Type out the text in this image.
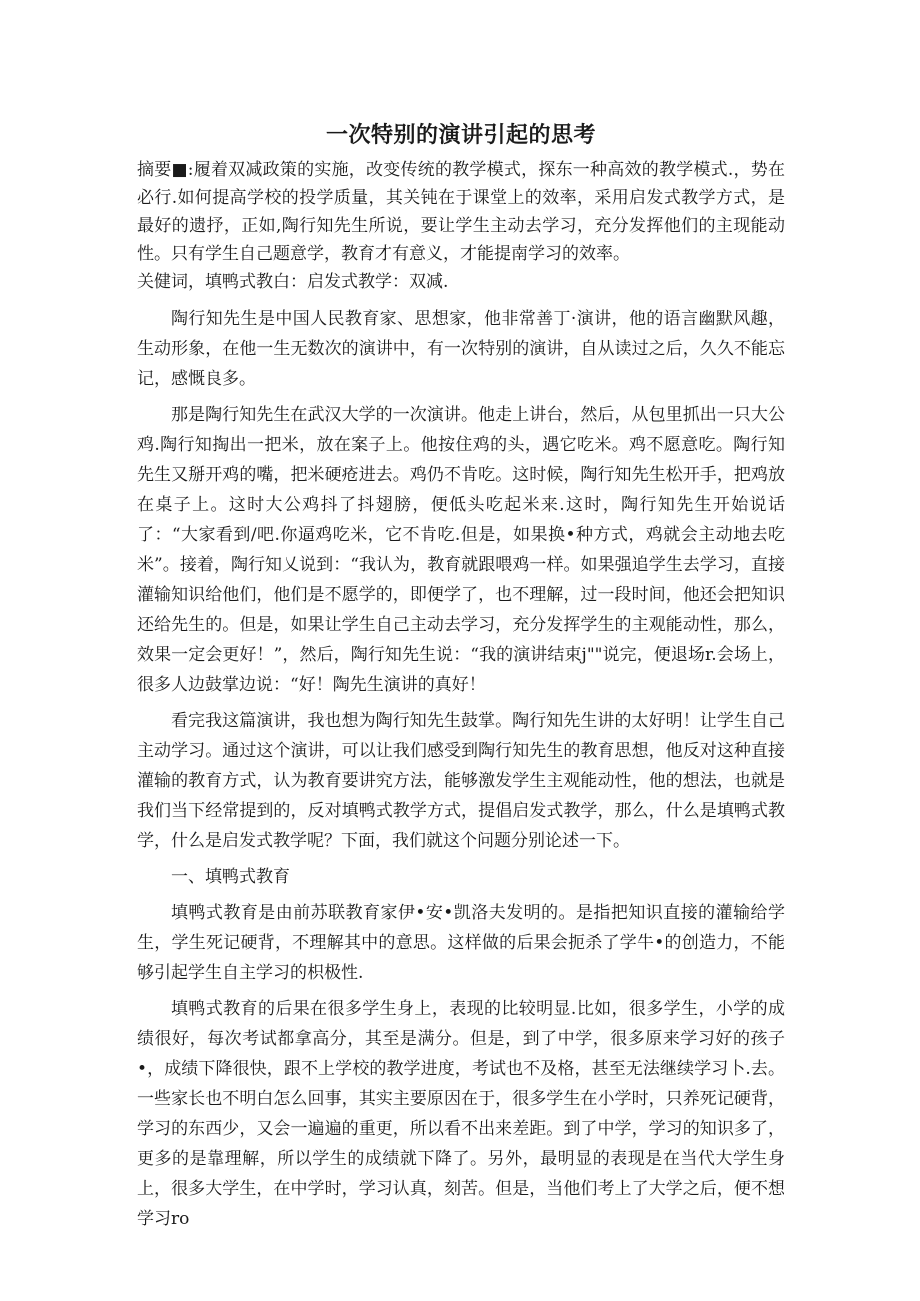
一次特别的演讲引起的思考

摘要■:履着双减政策的实施，改变传统的教学模式，探东一种高效的教学模式.，势在必行.如何提高学校的投学质量，其关钝在于课堂上的效率，采用启发式教学方式，是最好的遗抒，正如,陶行知先生所说，要让学生主动去学习，充分发挥他们的主现能动性。只有学生自己题意学，教育才有意义，才能提南学习的效率。

关健词，填鸭式教白：启发式教学：双减.

陶行知先生是中国人民教育家、思想家，他非常善丁·演讲，他的语言幽默风趣，生动形象，在他一生无数次的演讲中，有一次特别的演讲，自从读过之后，久久不能忘记，感慨良多。

那是陶行知先生在武汉大学的一次演讲。他走上讲台，然后，从包里抓出一只大公鸡.陶行知掏出一把米，放在案子上。他按住鸡的头，遇它吃米。鸡不愿意吃。陶行知先生又掰开鸡的嘴，把米硬疮进去。鸡仍不肯吃。这时候，陶行知先生松开手，把鸡放在桌子上。这时大公鸡抖了抖翅膀，便低头吃起米来.这时，陶行知先生开始说话了：“大家看到/吧.你逼鸡吃米，它不肯吃.但是，如果换•种方式，鸡就会主动地去吃米”。接着，陶行知乂说到：“我认为，教育就跟喂鸡一样。如果强追学生去学习，直接灌输知识给他们，他们是不愿学的，即便学了，也不理解，过一段时间，他还会把知识还给先生的。但是，如果让学生自己主动去学习，充分发挥学生的主观能动性，那么，效果一定会更好！”，然后，陶行知先生说：“我的演讲结束j""说完，便退场r.会场上，很多人边鼓掌边说：“好！陶先生演讲的真好！

看完我这篇演讲，我也想为陶行知先生鼓掌。陶行知先生讲的太好明！让学生自己主动学习。通过这个演讲，可以让我们感受到陶行知先生的教育思想，他反对这种直接灌输的教育方式，认为教育要讲究方法，能够激发学生主观能动性，他的想法，也就是我们当下经常提到的，反对填鸭式教学方式，提倡启发式教学，那么，什么是填鸭式教学，什么是启发式教学呢？下面，我们就这个问题分别论述一下。

一、填鸭式教育

填鸭式教育是由前苏联教育家伊•安•凯洛夫发明的。是指把知识直接的灌输给学生，学生死记硬背，不理解其中的意思。这样做的后果会扼杀了学牛•的创造力，不能够引起学生自主学习的枳极性.

填鸭式教育的后果在很多学生身上，表现的比较明显.比如，很多学生，小学的成绩很好，每次考试都拿高分，其至是满分。但是，到了中学，很多原来学习好的孩子•，成绩下降很快，跟不上学校的教学进度，考试也不及格，甚至无法继续学习卜.去。一些家长也不明白怎么回事，其实主要原因在于，很多学生在小学时，只养死记硬背，学习的东西少，又会一遍遍的重更，所以看不出来差距。到了中学，学习的知识多了，更多的是靠理解，所以学生的成绩就下降了。另外，最明显的表现是在当代大学生身上，很多大学生，在中学时，学习认真，刻苦。但是，当他们考上了大学之后，便不想学习ro
